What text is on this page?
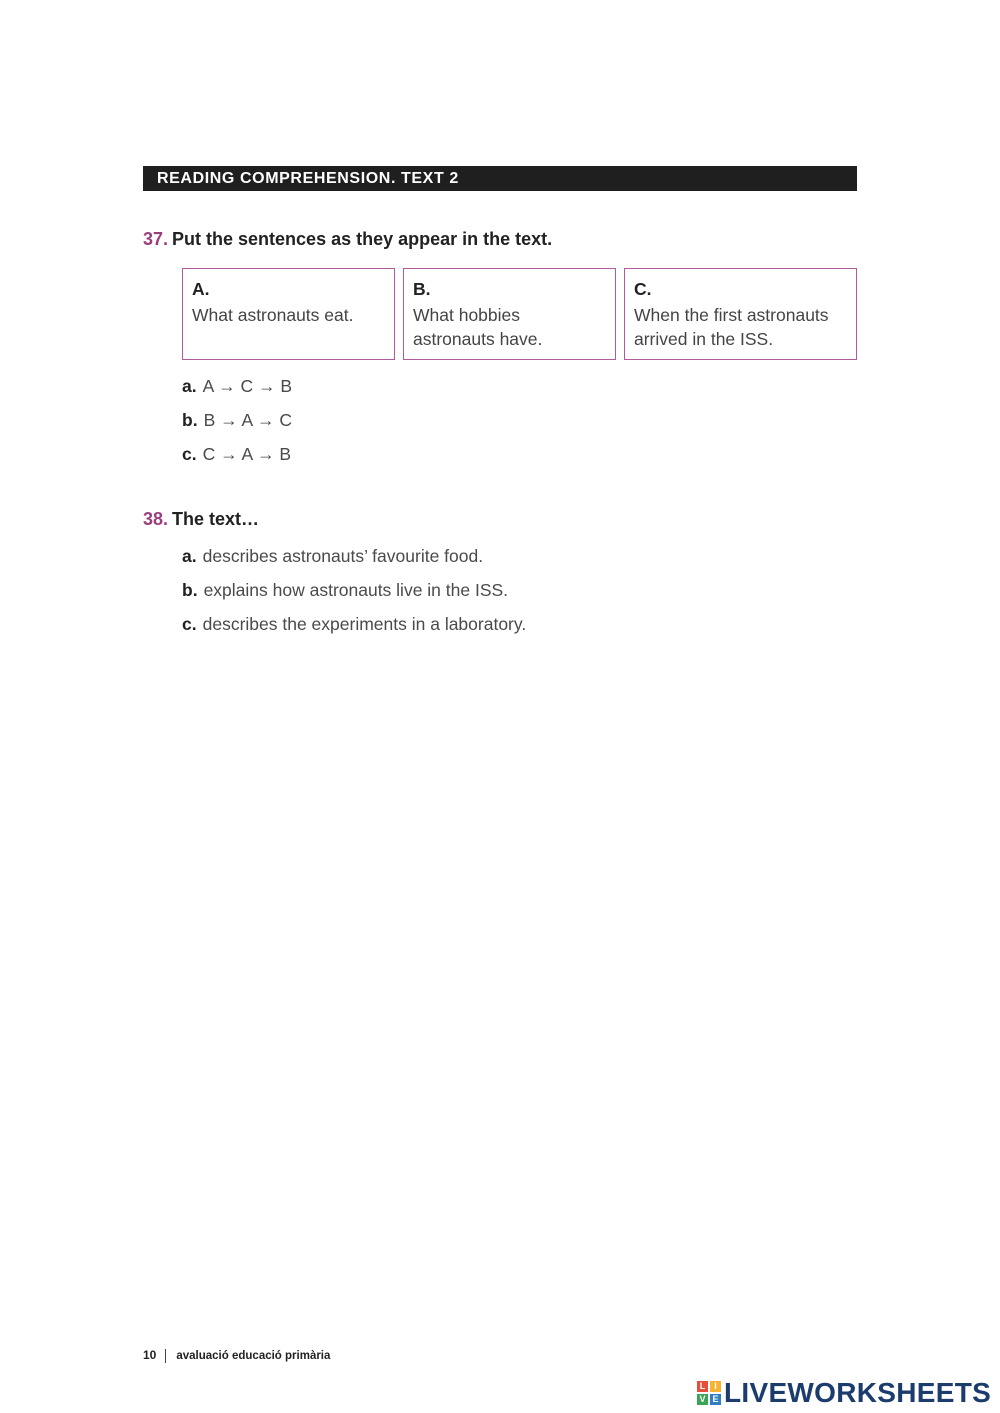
READING COMPREHENSION. TEXT 2
37. Put the sentences as they appear in the text.
A.
What astronauts eat.
B.
What hobbies astronauts have.
C.
When the first astronauts arrived in the ISS.
a. A → C → B
b. B → A → C
c. C → A → B
38. The text…
a. describes astronauts’ favourite food.
b. explains how astronauts live in the ISS.
c. describes the experiments in a laboratory.
10 avaluació educació primària
L I
V E LIVEWORKSHEETS
